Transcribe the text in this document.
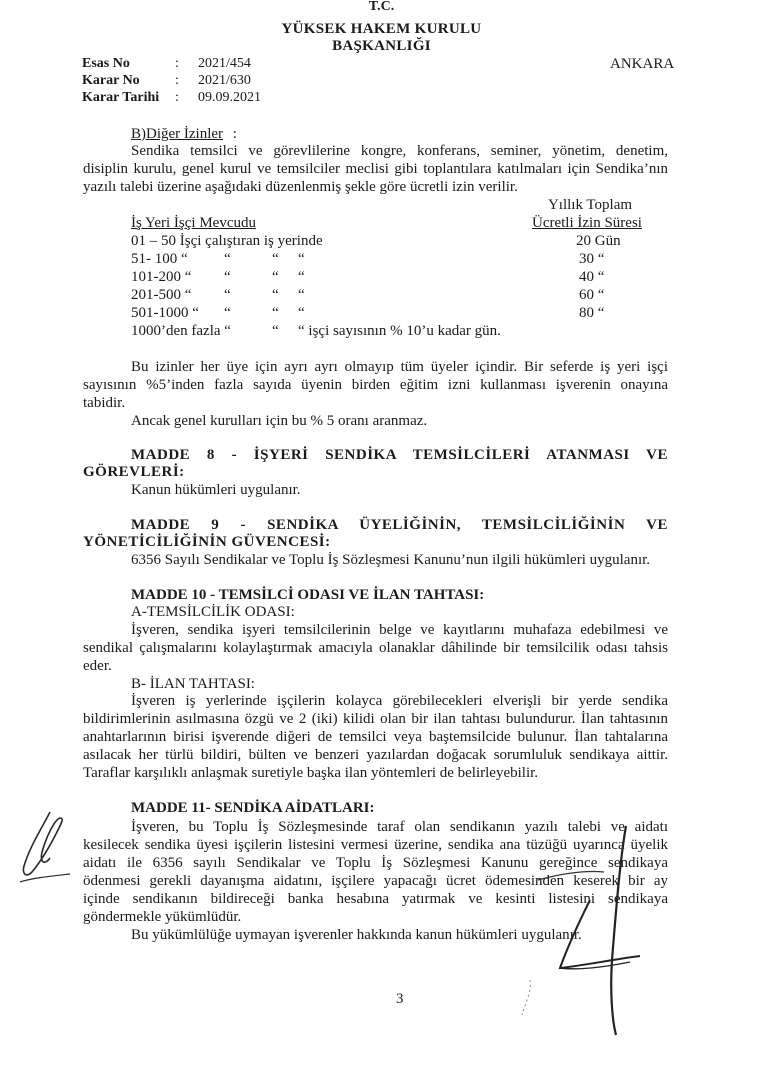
T.C.
YÜKSEK HAKEM KURULU
BAŞKANLIĞI
ANKARA
Esas No	:	2021/454
Karar No	:	2021/630
Karar Tarihi	:	09.09.2021
B)Diğer İzinler :
Sendika temsilci ve görevlilerine kongre, konferans, seminer, yönetim, denetim,
disiplin kurulu, genel kurul ve temsilciler meclisi gibi toplantılara katılmaları için Sendika’nın
yazılı talebi üzerine aşağıdaki düzenlenmiş şekle göre ücretli izin verilir.
Yıllık Toplam
İş Yeri İşçi Mevcudu	Ücretli İzin Süresi
01 – 50 İşçi çalıştıran iş yerinde	20 Gün
51- 100 “ “	“ “	30 “
101-200 “ “	“ “	40 “
201-500 “ “	“ “	60 “
501-1000 “ “	“ “	80 “
1000’den fazla “	“ “ işçi sayısının % 10’u kadar gün.
Bu izinler her üye için ayrı ayrı olmayıp tüm üyeler içindir. Bir seferde iş yeri işçi
sayısının %5’inden fazla sayıda üyenin birden eğitim izni kullanması işverenin onayına
tabidir.
Ancak genel kurulları için bu % 5 oranı aranmaz.
MADDE 8 - İŞYERİ SENDİKA TEMSİLCİLERİ ATANMASI VE
GÖREVLERİ:
Kanun hükümleri uygulanır.
MADDE 9 - SENDİKA ÜYELİĞİNİN, TEMSİLCİLİĞİNİN VE
YÖNETİCİLİĞİNİN GÜVENCESİ:
6356 Sayılı Sendikalar ve Toplu İş Sözleşmesi Kanunu’nun ilgili hükümleri uygulanır.
MADDE 10 - TEMSİLCİ ODASI VE İLAN TAHTASI:
A-TEMSİLCİLİK ODASI:
İşveren, sendika işyeri temsilcilerinin belge ve kayıtlarını muhafaza edebilmesi ve
sendikal çalışmalarını kolaylaştırmak amacıyla olanaklar dâhilinde bir temsilcilik odası tahsis
eder.
B- İLAN TAHTASI:
İşveren iş yerlerinde işçilerin kolayca görebilecekleri elverişli bir yerde sendika
bildirimlerinin asılmasına özgü ve 2 (iki) kilidi olan bir ilan tahtası bulundurur. İlan tahtasının
anahtarlarının birisi işverende diğeri de temsilci veya baştemsilcide bulunur. İlan tahtalarına
asılacak her türlü bildiri, bülten ve benzeri yazılardan doğacak sorumluluk sendikaya aittir.
Taraflar karşılıklı anlaşmak suretiyle başka ilan yöntemleri de belirleyebilir.
MADDE 11- SENDİKA AİDATLARI:
İşveren, bu Toplu İş Sözleşmesinde taraf olan sendikanın yazılı talebi ve aidatı
kesilecek sendika üyesi işçilerin listesini vermesi üzerine, sendika ana tüzüğü uyarınca üyelik
aidatı ile 6356 sayılı Sendikalar ve Toplu İş Sözleşmesi Kanunu gereğince sendikaya
ödenmesi gerekli dayanışma aidatını, işçilere yapacağı ücret ödemesinden keserek bir ay
içinde sendikanın bildireceği banka hesabına yatırmak ve kesinti listesini sendikaya
göndermekle yükümlüdür.
Bu yükümlülüğe uymayan işverenler hakkında kanun hükümleri uygulanır.
3
